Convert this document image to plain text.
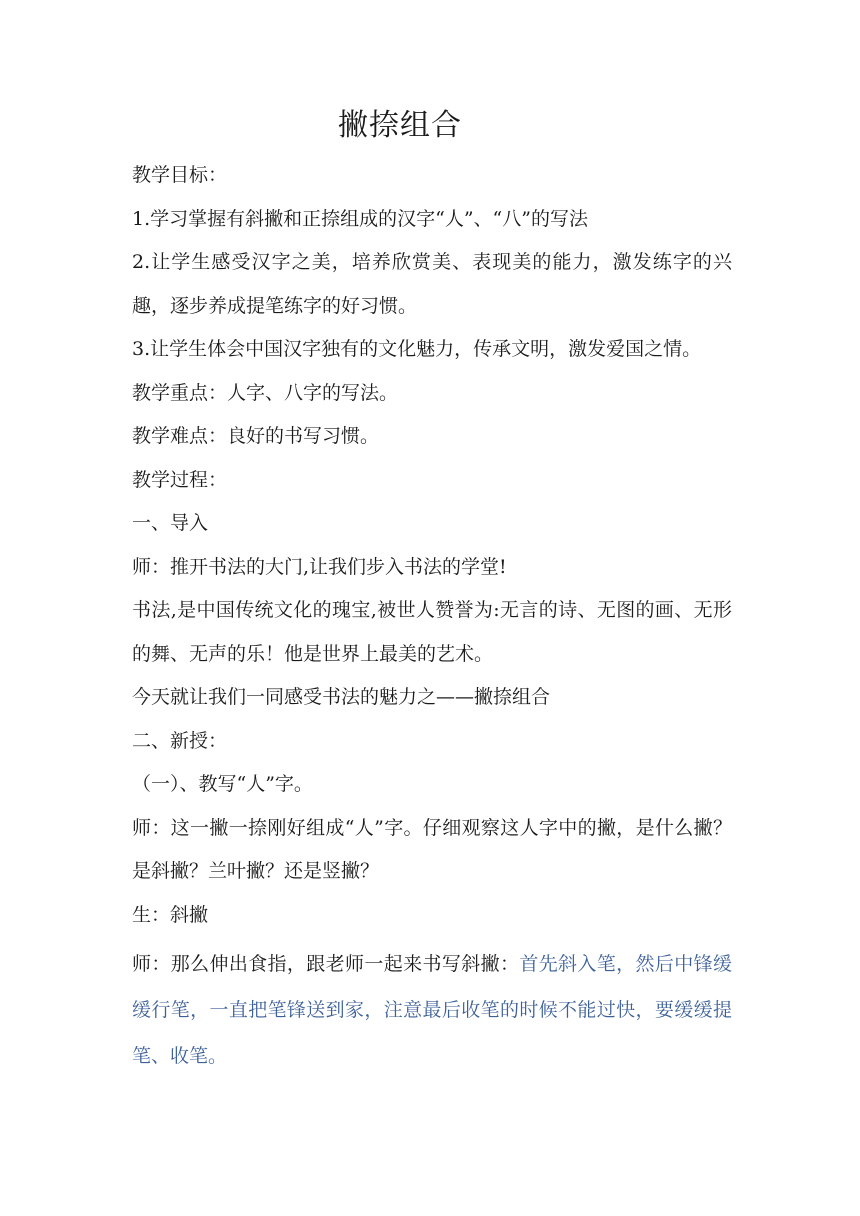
撇捺组合

教学目标：

1.学习掌握有斜撇和正捺组成的汉字“人”、“八”的写法

2.让学生感受汉字之美，培养欣赏美、表现美的能力，激发练字的兴趣，逐步养成提笔练字的好习惯。

3.让学生体会中国汉字独有的文化魅力，传承文明，激发爱国之情。

教学重点：人字、八字的写法。

教学难点：良好的书写习惯。

教学过程：

一、导入

师：推开书法的大门,让我们步入书法的学堂!

书法,是中国传统文化的瑰宝,被世人赞誉为:无言的诗、无图的画、无形的舞、无声的乐！他是世界上最美的艺术。

今天就让我们一同感受书法的魅力之——撇捺组合

二、新授：

（一）、教写“人”字。

师：这一撇一捺刚好组成“人”字。仔细观察这人字中的撇，是什么撇？是斜撇？兰叶撇？还是竖撇？

生：斜撇

师：那么伸出食指，跟老师一起来书写斜撇：首先斜入笔，然后中锋缓缓行笔，一直把笔锋送到家，注意最后收笔的时候不能过快，要缓缓提笔、收笔。
